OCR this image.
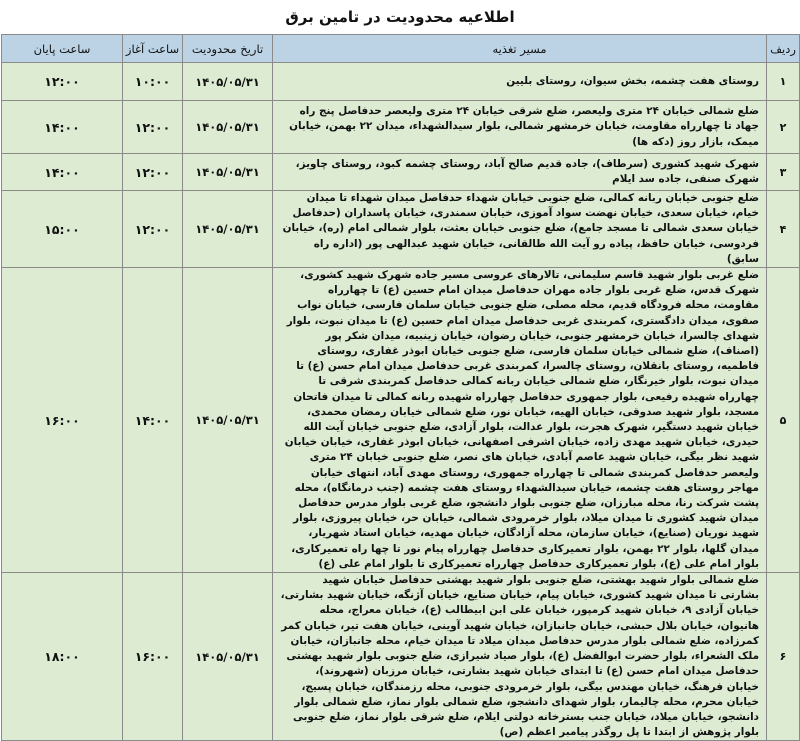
اطلاعیه محدودیت در تامین برق
ردیف	مسیر تغذیه	تاریخ محدودیت	ساعت آغاز	ساعت پایان
۱	روستای هفت چشمه، بخش سیوان، روستای بلیین	۱۴۰۵/۰۵/۳۱	۱۰:۰۰	۱۲:۰۰
۲	ضلع شمالی خیابان ۲۴ متری ولیعصر، ضلع شرقی خیابان ۲۴ متری ولیعصر حدفاصل پنج راه جهاد تا چهارراه مقاومت، خیابان خرمشهر شمالی، بلوار سیدالشهداء، میدان ۲۲ بهمن، خیابان میمک، بازار روز (دکه ها)	۱۴۰۵/۰۵/۳۱	۱۲:۰۰	۱۴:۰۰
۳	شهرک شهید کشوری (سرطاف)، جاده قدیم صالح آباد، روستای چشمه کبود، روستای چاویز، شهرک صنفی، جاده سد ایلام	۱۴۰۵/۰۵/۳۱	۱۲:۰۰	۱۴:۰۰
۴	ضلع جنوبی خیابان ربانه کمالی، ضلع جنوبی خیابان شهداء حدفاصل میدان شهداء تا میدان خیام، خیابان سعدی، خیابان نهضت سواد آموزی، خیابان سمندری، خیابان پاسداران (حدفاصل خیابان سعدی شمالی تا مسجد جامع)، ضلع جنوبی خیابان بعثت، بلوار شمالی امام (ره)، خیابان فردوسی، خیابان حافظ، پیاده رو آیت الله طالقانی، خیابان شهید عبدالهی پور (اداره راه سابق)	۱۴۰۵/۰۵/۳۱	۱۲:۰۰	۱۵:۰۰
۵	ضلع غربی بلوار شهید قاسم سلیمانی، تالارهای عروسی مسیر جاده شهرک شهید کشوری، شهرک قدس، ضلع غربی بلوار جاده مهران حدفاصل میدان امام حسین (ع) تا چهارراه مقاومت، محله فرودگاه قدیم، محله مصلی، ضلع جنوبی خیابان سلمان فارسی، خیابان نواب صفوی، میدان دادگستری، کمربندی غربی حدفاصل میدان امام حسین (ع) تا میدان نبوت، بلوار شهدای چالسرا، خیابان خرمشهر جنوبی، خیابان رضوان، خیابان زینبیه، میدان شکر پور (اصناف)، ضلع شمالی خیابان سلمان فارسی، ضلع جنوبی خیابان ابوذر غفاری، روستای فاطمیه، روستای بانقلان، روستای چالسرا، کمربندی غربی حدفاصل میدان امام حسن (ع) تا میدان نبوت، بلوار خیرنگار، ضلع شمالی خیابان ربانه کمالی حدفاصل کمربندی شرقی تا چهارراه شهیده رفیعی، بلوار جمهوری حدفاصل چهارراه شهیده ربانه کمالی تا میدان فاتحان مسجد، بلوار شهید صدوقی، خیابان الهیه، خیابان نور، ضلع شمالی خیابان رمضان محمدی، خیابان شهید دستگیر، شهرک هجرت، بلوار عدالت، بلوار آزادی، ضلع جنوبی خیابان آیت الله حیدری، خیابان شهید مهدی زاده، خیابان اشرفی اصفهانی، خیابان ابوذر غفاری، خیابان خیابان شهید نظر بیگی، خیابان شهید عاصم آبادی، خیابان های نصر، ضلع جنوبی خیابان ۲۴ متری ولیعصر حدفاصل کمربندی شمالی تا چهارراه جمهوری، روستای مهدی آباد، انتهای خیابان مهاجر روستای هفت چشمه، خیابان سیدالشهداء روستای هفت چشمه (جنب درمانگاه)، محله پشت شرکت رنا، محله مبارزان، ضلع جنوبی بلوار دانشجو، ضلع غربی بلوار مدرس حدفاصل میدان شهید کشوری تا میدان میلاد، بلوار خرمرودی شمالی، خیابان حر، خیابان پیروزی، بلوار شهید نوریان (صنایع)، خیابان سازمان، محله آزادگان، خیابان مهدیه، خیابان استاد شهریار، میدان گلها، بلوار ۲۲ بهمن، بلوار تعمیرکاری حدفاصل چهارراه پیام نور تا چها راه تعمیرکاری، بلوار امام علی (ع)، بلوار تعمیرکاری حدفاصل چهارراه تعمیرکاری تا بلوار امام علی (ع)	۱۴۰۵/۰۵/۳۱	۱۴:۰۰	۱۶:۰۰
۶	ضلع شمالی بلوار شهید بهشتی، ضلع جنوبی بلوار شهید بهشتی حدفاصل خیابان شهید بشارتی تا میدان شهید کشوری، خیابان پیام، خیابان صنایع، خیابان آژنگه، خیابان شهید بشارتی، خیابان آزادی ۹، خیابان شهید کرمپور، خیابان علی ابن ابیطالب (ع)، خیابان معراج، محله هانیوان، خیابان بلال حبشی، خیابان جانبازان، خیابان شهید آوینی، خیابان هفت تیر، خیابان کمر کمرزاده، ضلع شمالی بلوار مدرس حدفاصل میدان میلاد تا میدان خیام، محله جانبازان، خیابان ملک الشعراء، بلوار حضرت ابوالفضل (ع)، بلوار صیاد شیرازی، ضلع جنوبی بلوار شهید بهشتی حدفاصل میدان امام حسن (ع) تا ابتدای خیابان شهید بشارتی، خیابان مرزبان (شهروند)، خیابان فرهنگ، خیابان مهندس بیگی، بلوار خرمرودی جنوبی، محله رزمندگان، خیابان پسیج، خیابان محرم، محله چالیمار، بلوار شهدای دانشجو، ضلع شمالی بلوار نماز، ضلع شمالی بلوار دانشجو، خیابان میلاد، خیابان جنب بسترخانه دولتی ایلام، ضلع شرقی بلوار نماز، ضلع جنوبی بلوار پژوهش از ابتدا تا پل روگذر پیامبر اعظم (ص)	۱۴۰۵/۰۵/۳۱	۱۶:۰۰	۱۸:۰۰
